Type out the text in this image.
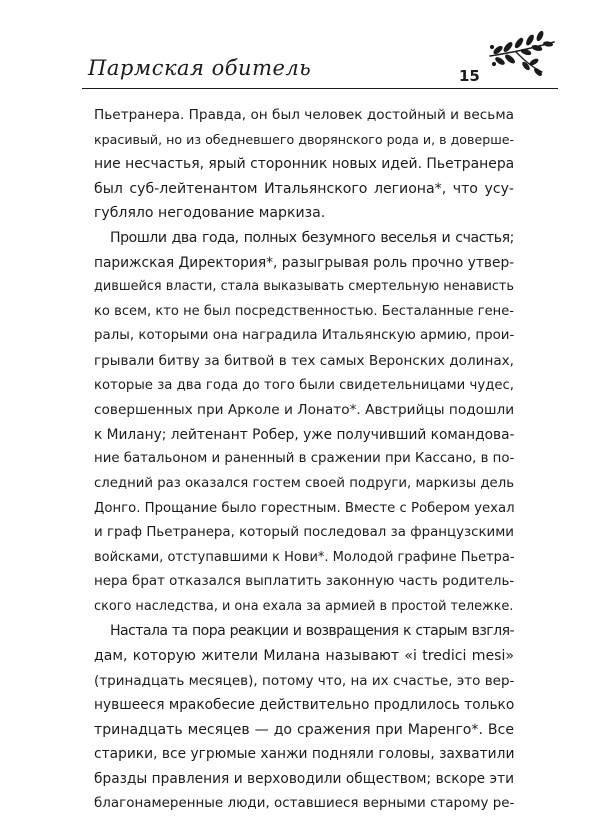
Пармская обитель	15

Пьетранера. Правда, он был человек достойный и весьма
красивый, но из обедневшего дворянского рода и, в доверше-
ние несчастья, ярый сторонник новых идей. Пьетранера
был суб-лейтенантом Итальянского легиона*, что усу-
губляло негодование маркиза.

Прошли два года, полных безумного веселья и счастья;
парижская Директория*, разыгрывая роль прочно утвер-
дившейся власти, стала выказывать смертельную ненависть
ко всем, кто не был посредственностью. Бесталанные гене-
ралы, которыми она наградила Итальянскую армию, прои-
грывали битву за битвой в тех самых Веронских долинах,
которые за два года до того были свидетельницами чудес,
совершенных при Арколе и Лонато*. Австрийцы подошли
к Милану; лейтенант Робер, уже получивший командова-
ние батальоном и раненный в сражении при Кассано, в по-
следний раз оказался гостем своей подруги, маркизы дель
Донго. Прощание было горестным. Вместе с Робером уехал
и граф Пьетранера, который последовал за французскими
войсками, отступавшими к Нови*. Молодой графине Пьетра-
нера брат отказался выплатить законную часть родитель-
ского наследства, и она ехала за армией в простой тележке.

Настала та пора реакции и возвращения к старым взгля-
дам, которую жители Милана называют «i tredici mesi»
(тринадцать месяцев), потому что, на их счастье, это вер-
нувшееся мракобесие действительно продлилось только
тринадцать месяцев — до сражения при Маренго*. Все
старики, все угрюмые ханжи подняли головы, захватили
бразды правления и верховодили обществом; вскоре эти
благонамеренные люди, оставшиеся верными старому ре-
